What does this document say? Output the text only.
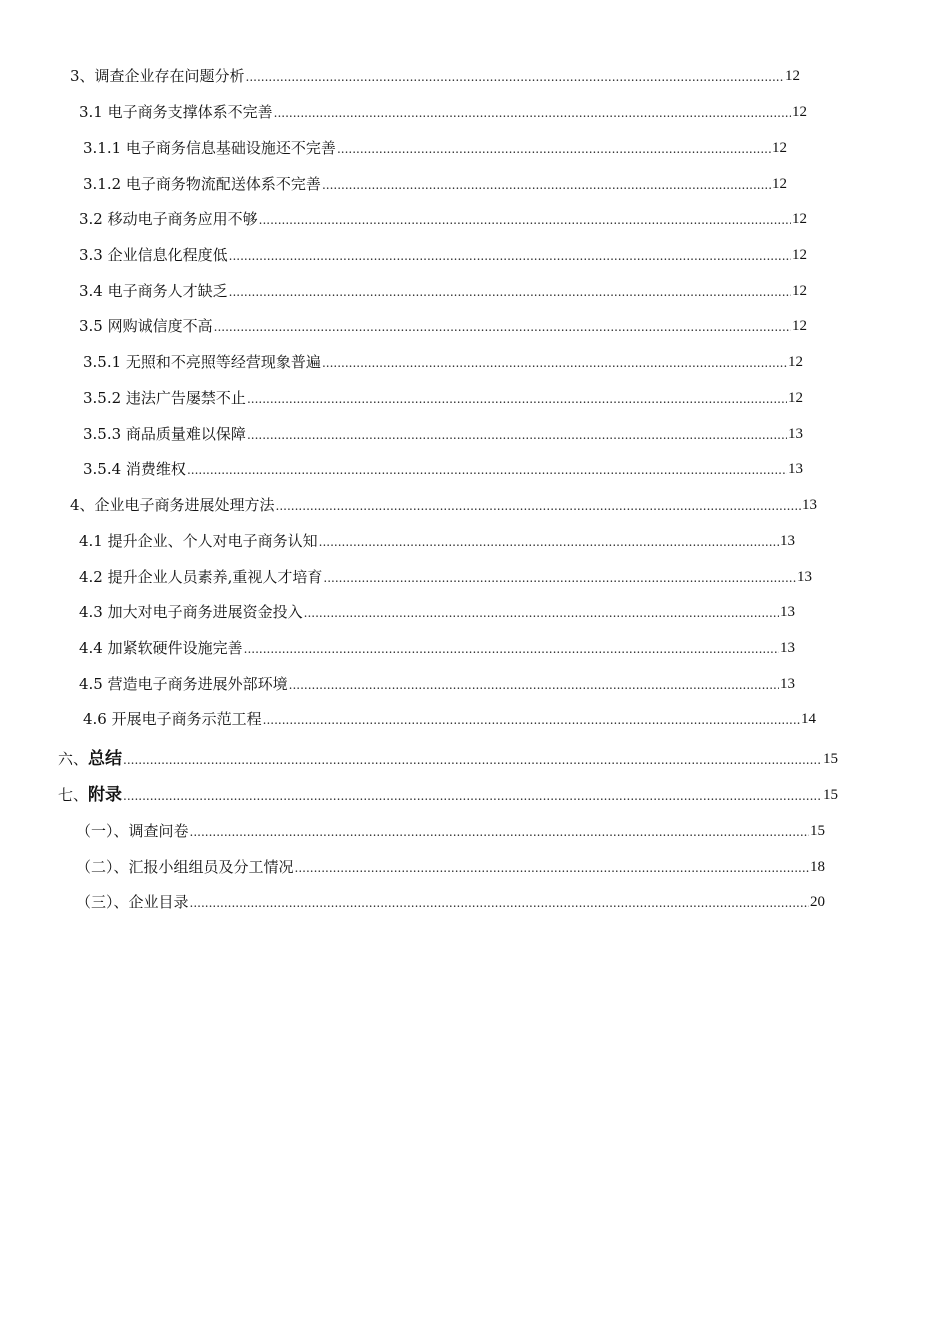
3、调查企业存在问题分析 .....	12
3.1 电子商务支撑体系不完善 .....	12
3.1.1 电子商务信息基础设施还不完善 .....	12
3.1.2 电子商务物流配送体系不完善 .....	12
3.2 移动电子商务应用不够 .....	12
3.3 企业信息化程度低 .....	12
3.4 电子商务人才缺乏 .....	12
3.5 网购诚信度不高 .....	12
3.5.1 无照和不亮照等经营现象普遍 .....	12
3.5.2 违法广告屡禁不止 .....	12
3.5.3 商品质量难以保障 .....	13
3.5.4 消费维权 .....	13
4、企业电子商务进展处理方法 .....	13
4.1 提升企业、个人对电子商务认知 .....	13
4.2 提升企业人员素养,重视人才培育 .....	13
4.3 加大对电子商务进展资金投入 .....	13
4.4 加紧软硬件设施完善 .....	13
4.5 营造电子商务进展外部环境 .....	13
4.6 开展电子商务示范工程 .....	14
六、总结 .....	15
七、附录 .....	15
（一）、调查问卷 .....	15
（二）、汇报小组组员及分工情况 .....	18
（三）、企业目录 .....	20
